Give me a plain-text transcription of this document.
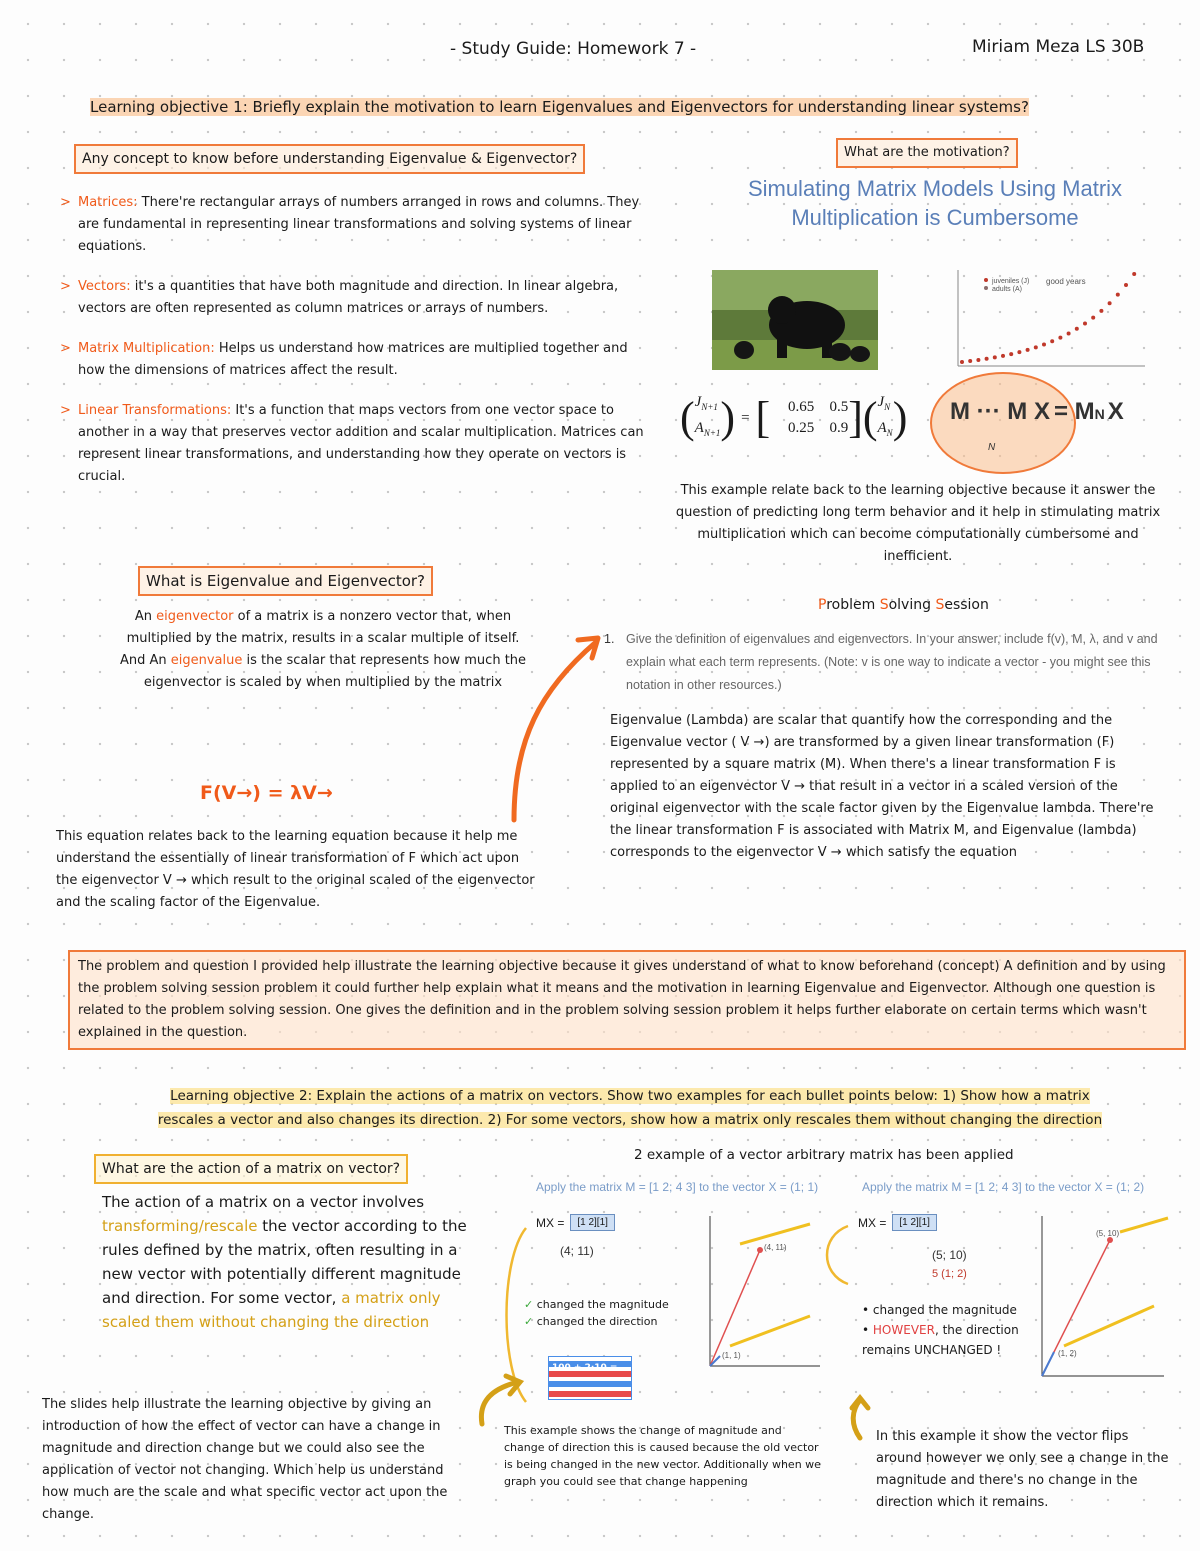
- Study Guide: Homework 7 -	Miriam Meza LS 30B
Learning objective 1: Briefly explain the motivation to learn Eigenvalues and Eigenvectors for understanding linear systems?
Any concept to know before understanding Eigenvalue & Eigenvector?
> Matrices: There're rectangular arrays of numbers arranged in rows and columns. They are fundamental in representing linear transformations and solving systems of linear equations.

> Vectors: it's a quantities that have both magnitude and direction. In linear algebra, vectors are often represented as column matrices or arrays of numbers.

> Matrix Multiplication: Helps us understand how matrices are multiplied together and how the dimensions of matrices affect the result.

> Linear Transformations: It's a function that maps vectors from one vector space to another in a way that preserves vector addition and scalar multiplication. Matrices can represent linear transformations, and understanding how they operate on vectors is crucial.

What are the motivation?
Simulating Matrix Models Using Matrix
Multiplication is Cumbersome
juveniles (J)
adults (A)
good years
( $J_{N+1}$
$A_{N+1}$ ) = [	0.65	0.5
0.25	0.9 ] ( $J_N$
$A_N$ ) M ··· M X = M N X
N
This example relate back to the learning objective because it answer the question of predicting long term behavior and it help in stimulating matrix multiplication which can become computationally cumbersome and inefficient.
What is Eigenvalue and Eigenvector?
An eigenvector of a matrix is a nonzero vector that, when multiplied by the matrix, results in a scalar multiple of itself. And An eigenvalue is the scalar that represents how much the eigenvector is scaled by when multiplied by the matrix
F(V→) = λV→
This equation relates back to the learning equation because it help me understand the essentially of linear transformation of F which act upon the eigenvector V → which result to the original scaled of the eigenvector and the scaling factor of the Eigenvalue.
Problem Solving Session
1. Give the definition of eigenvalues and eigenvectors. In your answer, include f(v), M, λ, and v and explain what each term represents. (Note: v is one way to indicate a vector - you might see this notation in other resources.)

Eigenvalue (Lambda) are scalar that quantify how the corresponding and the Eigenvalue vector ( V →) are transformed by a given linear transformation (F) represented by a square matrix (M). When there's a linear transformation F is applied to an eigenvector V → that result in a vector in a scaled version of the original eigenvector with the scale factor given by the Eigenvalue lambda. There're the linear transformation F is associated with Matrix M, and Eigenvalue (lambda) corresponds to the eigenvector V → which satisfy the equation
The problem and question I provided help illustrate the learning objective because it gives understand of what to know beforehand (concept) A definition and by using the problem solving session problem it could further help explain what it means and the motivation in learning Eigenvalue and Eigenvector. Although one question is related to the problem solving session. One gives the definition and in the problem solving session problem it helps further elaborate on certain terms which wasn't explained in the question.
Learning objective 2: Explain the actions of a matrix on vectors. Show two examples for each bullet points below: 1) Show how a matrix
rescales a vector and also changes its direction. 2) For some vectors, show how a matrix only rescales them without changing the direction
What are the action of a matrix on vector?
The action of a matrix on a vector involves transforming/rescale the vector according to the rules defined by the matrix, often resulting in a new vector with potentially different magnitude and direction. For some vector, a matrix only scaled them without changing the direction
The slides help illustrate the learning objective by giving an introduction of how the effect of vector can have a change in magnitude and direction change but we could also see the application of vector not changing. Which help us understand how much are the scale and what specific vector act upon the change.
2 example of a vector arbitrary matrix has been applied
Apply the matrix M = [1 2; 4 3] to the vector X = (1; 1)
MX =	[1 2][1]
(4; 11)
✓ changed the magnitude
✓ changed the direction
100 + 2·10 = ...
(4, 11)
(1, 1)
This example shows the change of magnitude and change of direction this is caused because the old vector is being changed in the new vector. Additionally when we graph you could see that change happening
Apply the matrix M = [1 2; 4 3] to the vector X = (1; 2)
MX =	[1 2][1]
(5; 10)
5 (1; 2)
• changed the magnitude
• HOWEVER, the direction remains UNCHANGED !
(5, 10)
(1, 2)
In this example it show the vector flips around however we only see a change in the magnitude and there's no change in the direction which it remains.
